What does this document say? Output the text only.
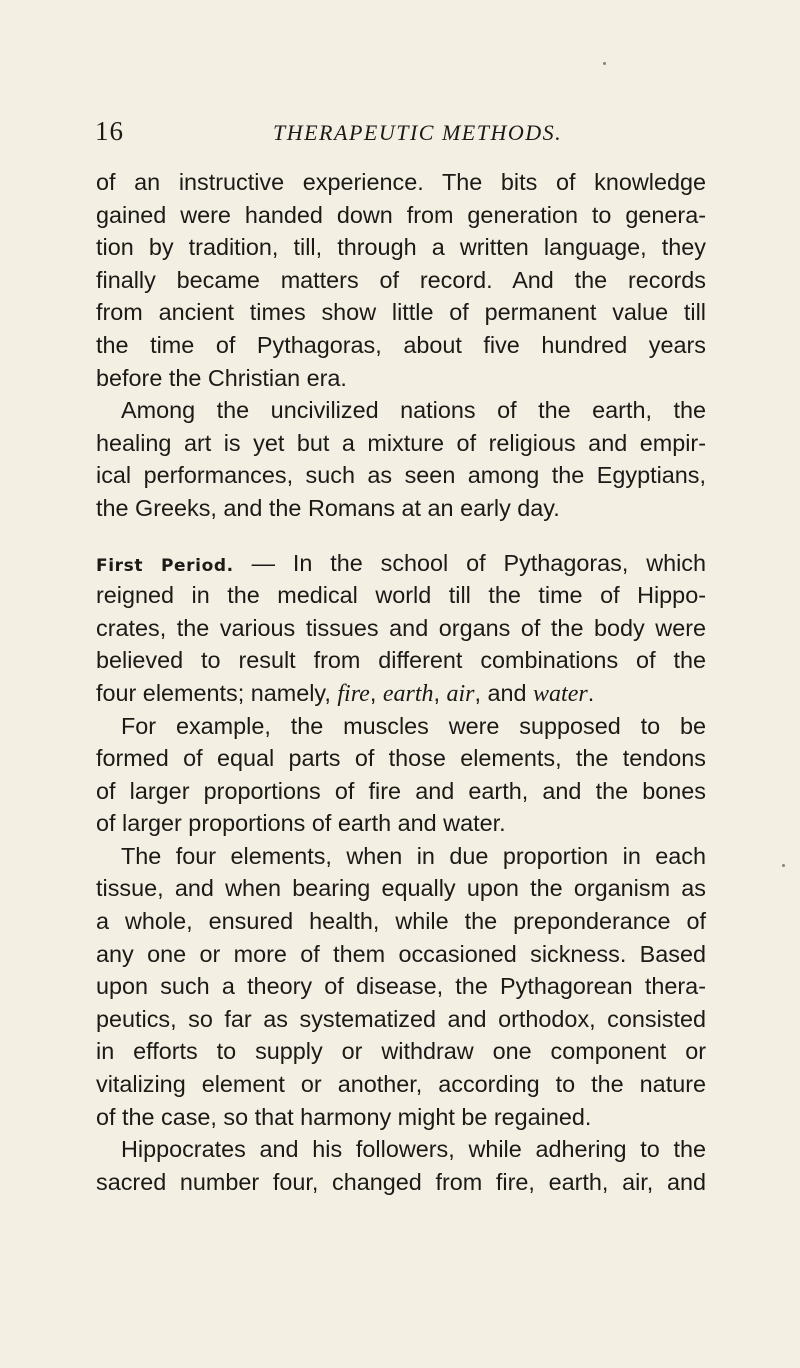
16	THERAPEUTIC METHODS.
of an instructive experience. The bits of knowledge
gained were handed down from generation to genera-
tion by tradition, till, through a written language, they
finally became matters of record. And the records
from ancient times show little of permanent value till
the time of Pythagoras, about five hundred years
before the Christian era.
Among the uncivilized nations of the earth, the
healing art is yet but a mixture of religious and empir-
ical performances, such as seen among the Egyptians,
the Greeks, and the Romans at an early day.
First Period. — In the school of Pythagoras, which
reigned in the medical world till the time of Hippo-
crates, the various tissues and organs of the body were
believed to result from different combinations of the
four elements; namely, fire, earth, air, and water.
For example, the muscles were supposed to be
formed of equal parts of those elements, the tendons
of larger proportions of fire and earth, and the bones
of larger proportions of earth and water.
The four elements, when in due proportion in each
tissue, and when bearing equally upon the organism as
a whole, ensured health, while the preponderance of
any one or more of them occasioned sickness. Based
upon such a theory of disease, the Pythagorean thera-
peutics, so far as systematized and orthodox, consisted
in efforts to supply or withdraw one component or
vitalizing element or another, according to the nature
of the case, so that harmony might be regained.
Hippocrates and his followers, while adhering to the
sacred number four, changed from fire, earth, air, and
